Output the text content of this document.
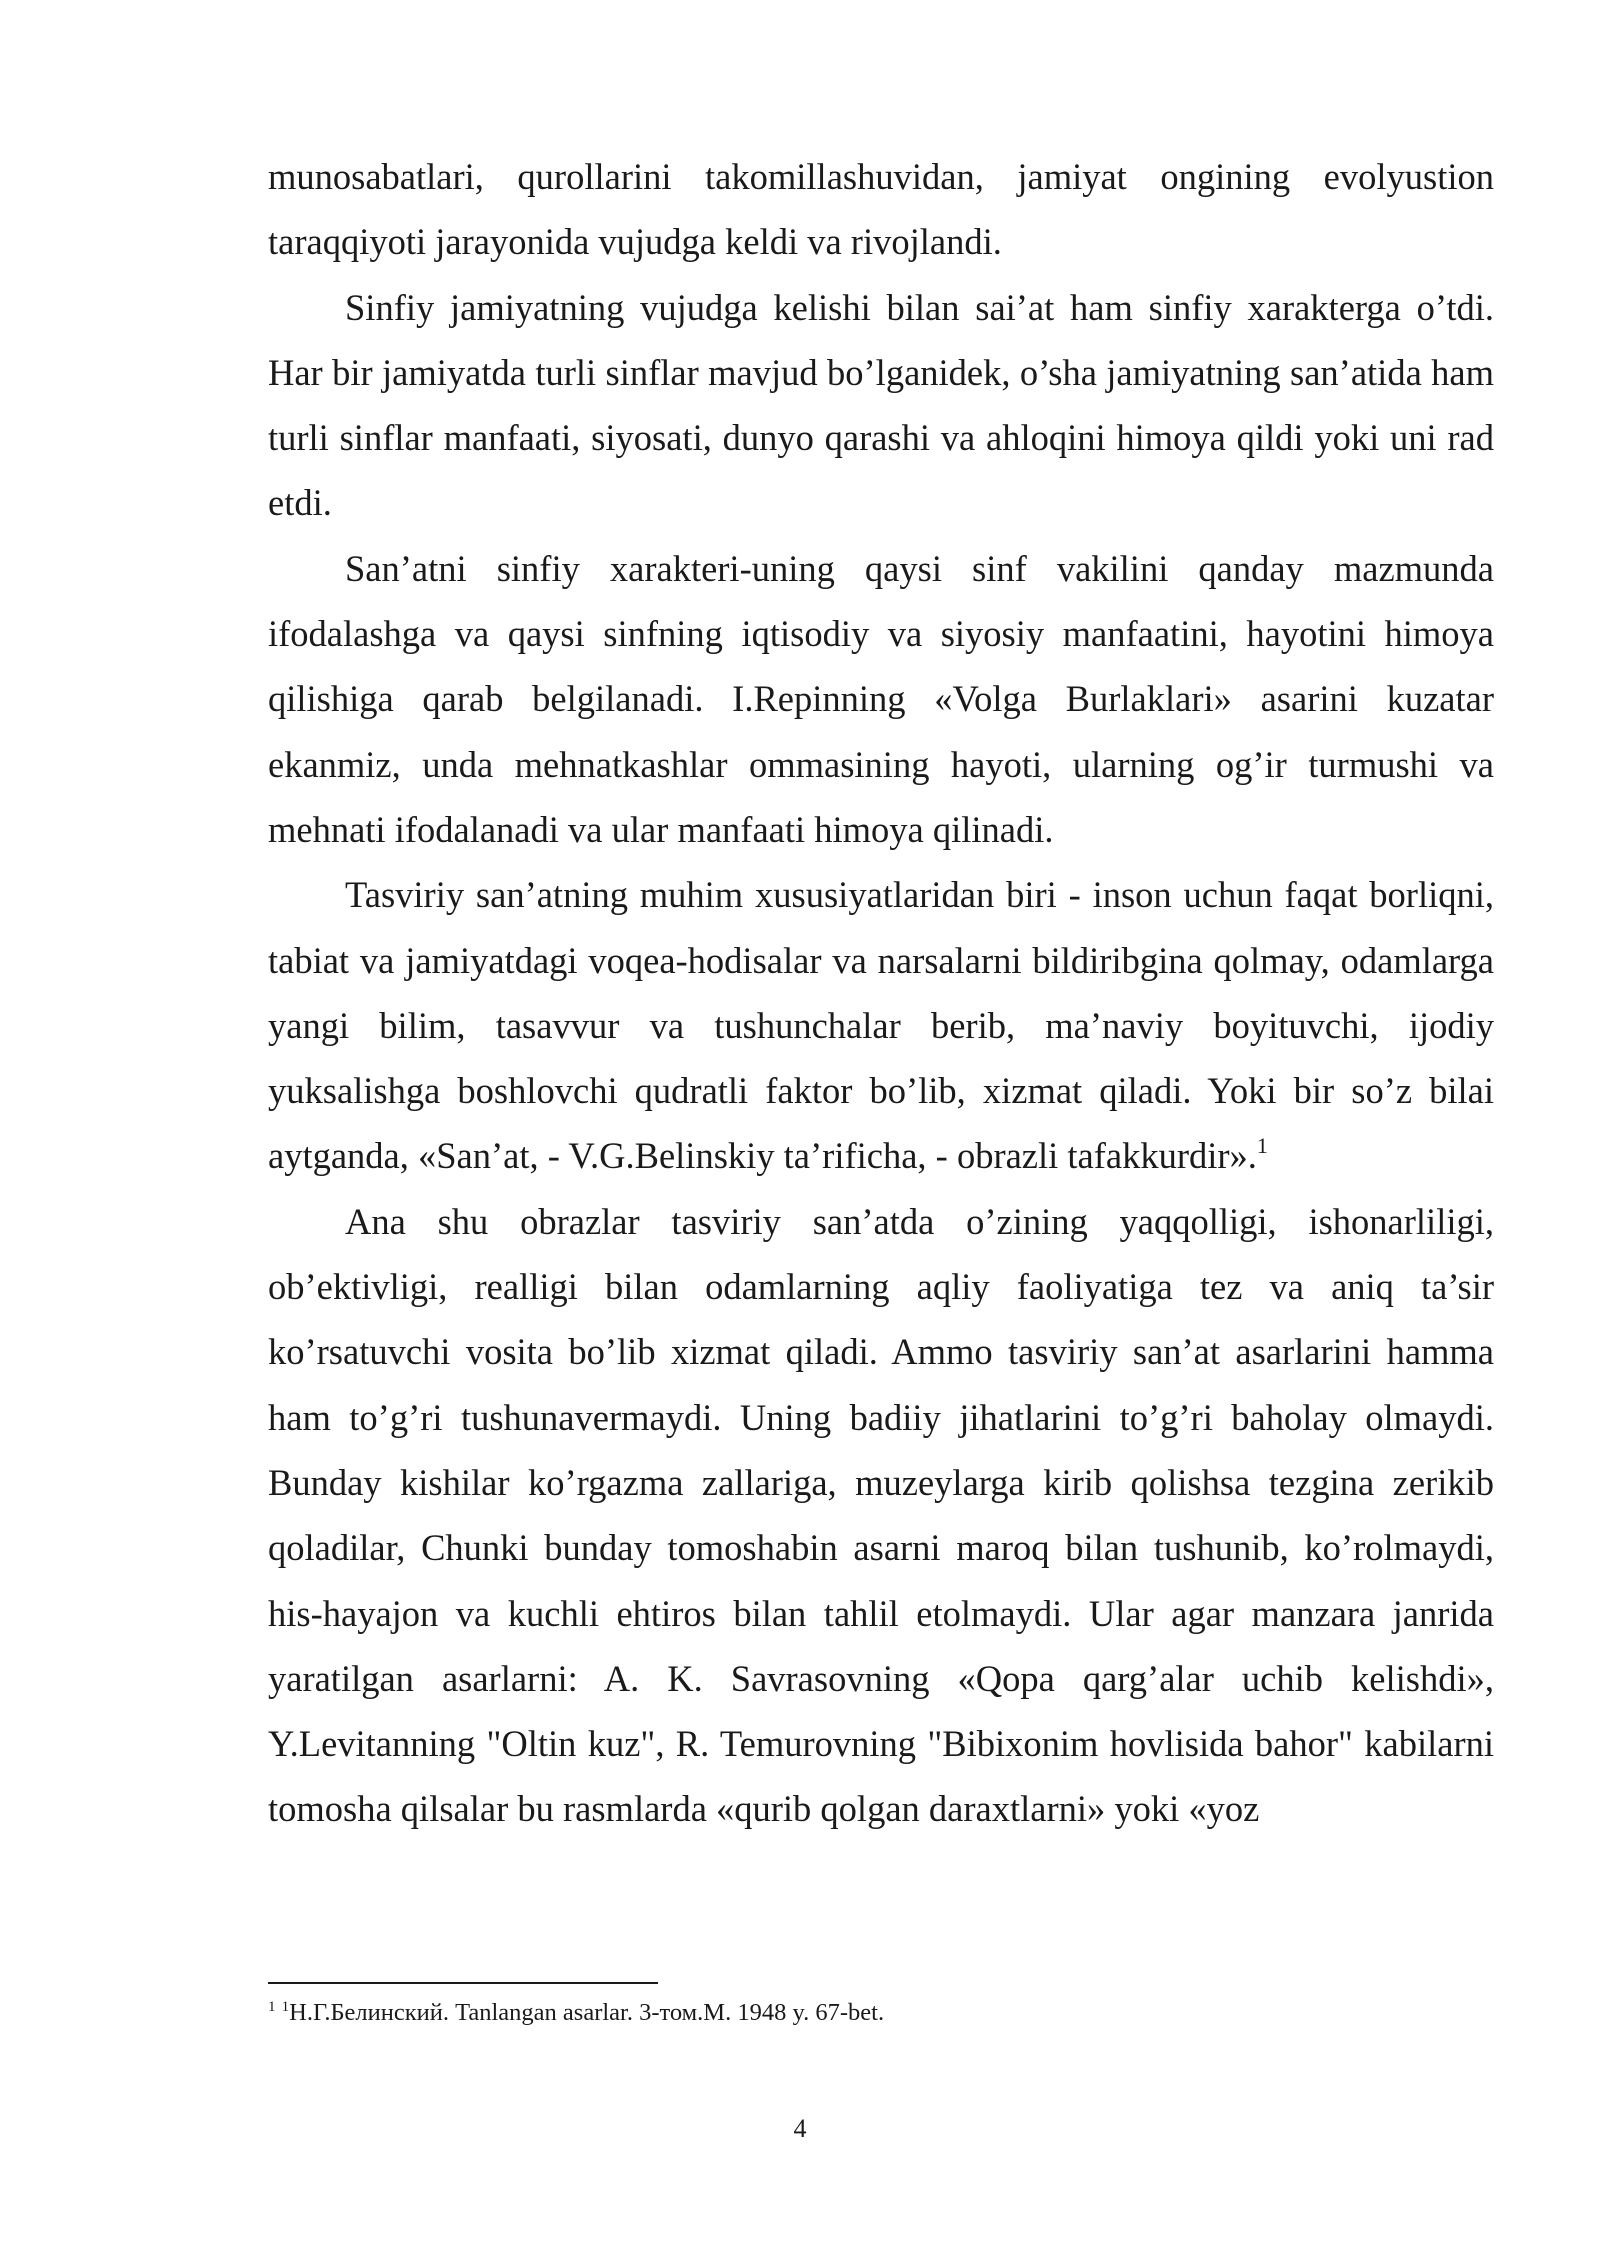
munosabatlari, qurollarini takomillashuvidan, jamiyat ongining evolyustion taraqqiyoti jarayonida vujudga keldi va rivojlandi.

Sinfiy jamiyatning vujudga kelishi bilan sai’at ham sinfiy xarakterga o’tdi. Har bir jamiyatda turli sinflar mavjud bo’lganidek, o’sha jamiyatning san’atida ham turli sinflar manfaati, siyosati, dunyo qarashi va ahloqini himoya qildi yoki uni rad etdi.

San’atni sinfiy xarakteri-uning qaysi sinf vakilini qanday mazmunda ifodalashga va qaysi sinfning iqtisodiy va siyosiy manfaatini, hayotini himoya qilishiga qarab belgilanadi. I.Repinning «Volga Burlaklari» asarini kuzatar ekanmiz, unda mehnatkashlar ommasining hayoti, ularning og’ir turmushi va mehnati ifodalanadi va ular manfaati himoya qilinadi.

Tasviriy san’atning muhim xususiyatlaridan biri - inson uchun faqat borliqni, tabiat va jamiyatdagi voqea-hodisalar va narsalarni bildiribgina qolmay, odamlarga yangi bilim, tasavvur va tushunchalar berib, ma’naviy boyituvchi, ijodiy yuksalishga boshlovchi qudratli faktor bo’lib, xizmat qiladi. Yoki bir so’z bilai aytganda, «San’at, - V.G.Belinskiy ta’rificha, - obrazli tafakkurdir».$^1$

Ana shu obrazlar tasviriy san’atda o’zining yaqqolligi, ishonarliligi, ob’ektivligi, realligi bilan odamlarning aqliy faoliyatiga tez va aniq ta’sir ko’rsatuvchi vosita bo’lib xizmat qiladi. Ammo tasviriy san’at asarlarini hamma ham to’g’ri tushunavermaydi. Uning badiiy jihatlarini to’g’ri baholay olmaydi. Bunday kishilar ko’rgazma zallariga, muzeylarga kirib qolishsa tezgina zerikib qoladilar, Chunki bunday tomoshabin asarni maroq bilan tushunib, ko’rolmaydi, his-hayajon va kuchli ehtiros bilan tahlil etolmaydi. Ular agar manzara janrida yaratilgan asarlarni: A. K. Savrasovning «Qopa qarg’alar uchib kelishdi», Y.Levitanning "Oltin kuz", R. Temurovning "Bibixonim hovlisida bahor" kabilarni tomosha qilsalar bu rasmlarda «qurib qolgan daraxtlarni» yoki «yoz

$^1$ $^1$Н.Г.Белинский. Tanlangan asarlar. 3-том.М. 1948 y. 67-bet.
4
